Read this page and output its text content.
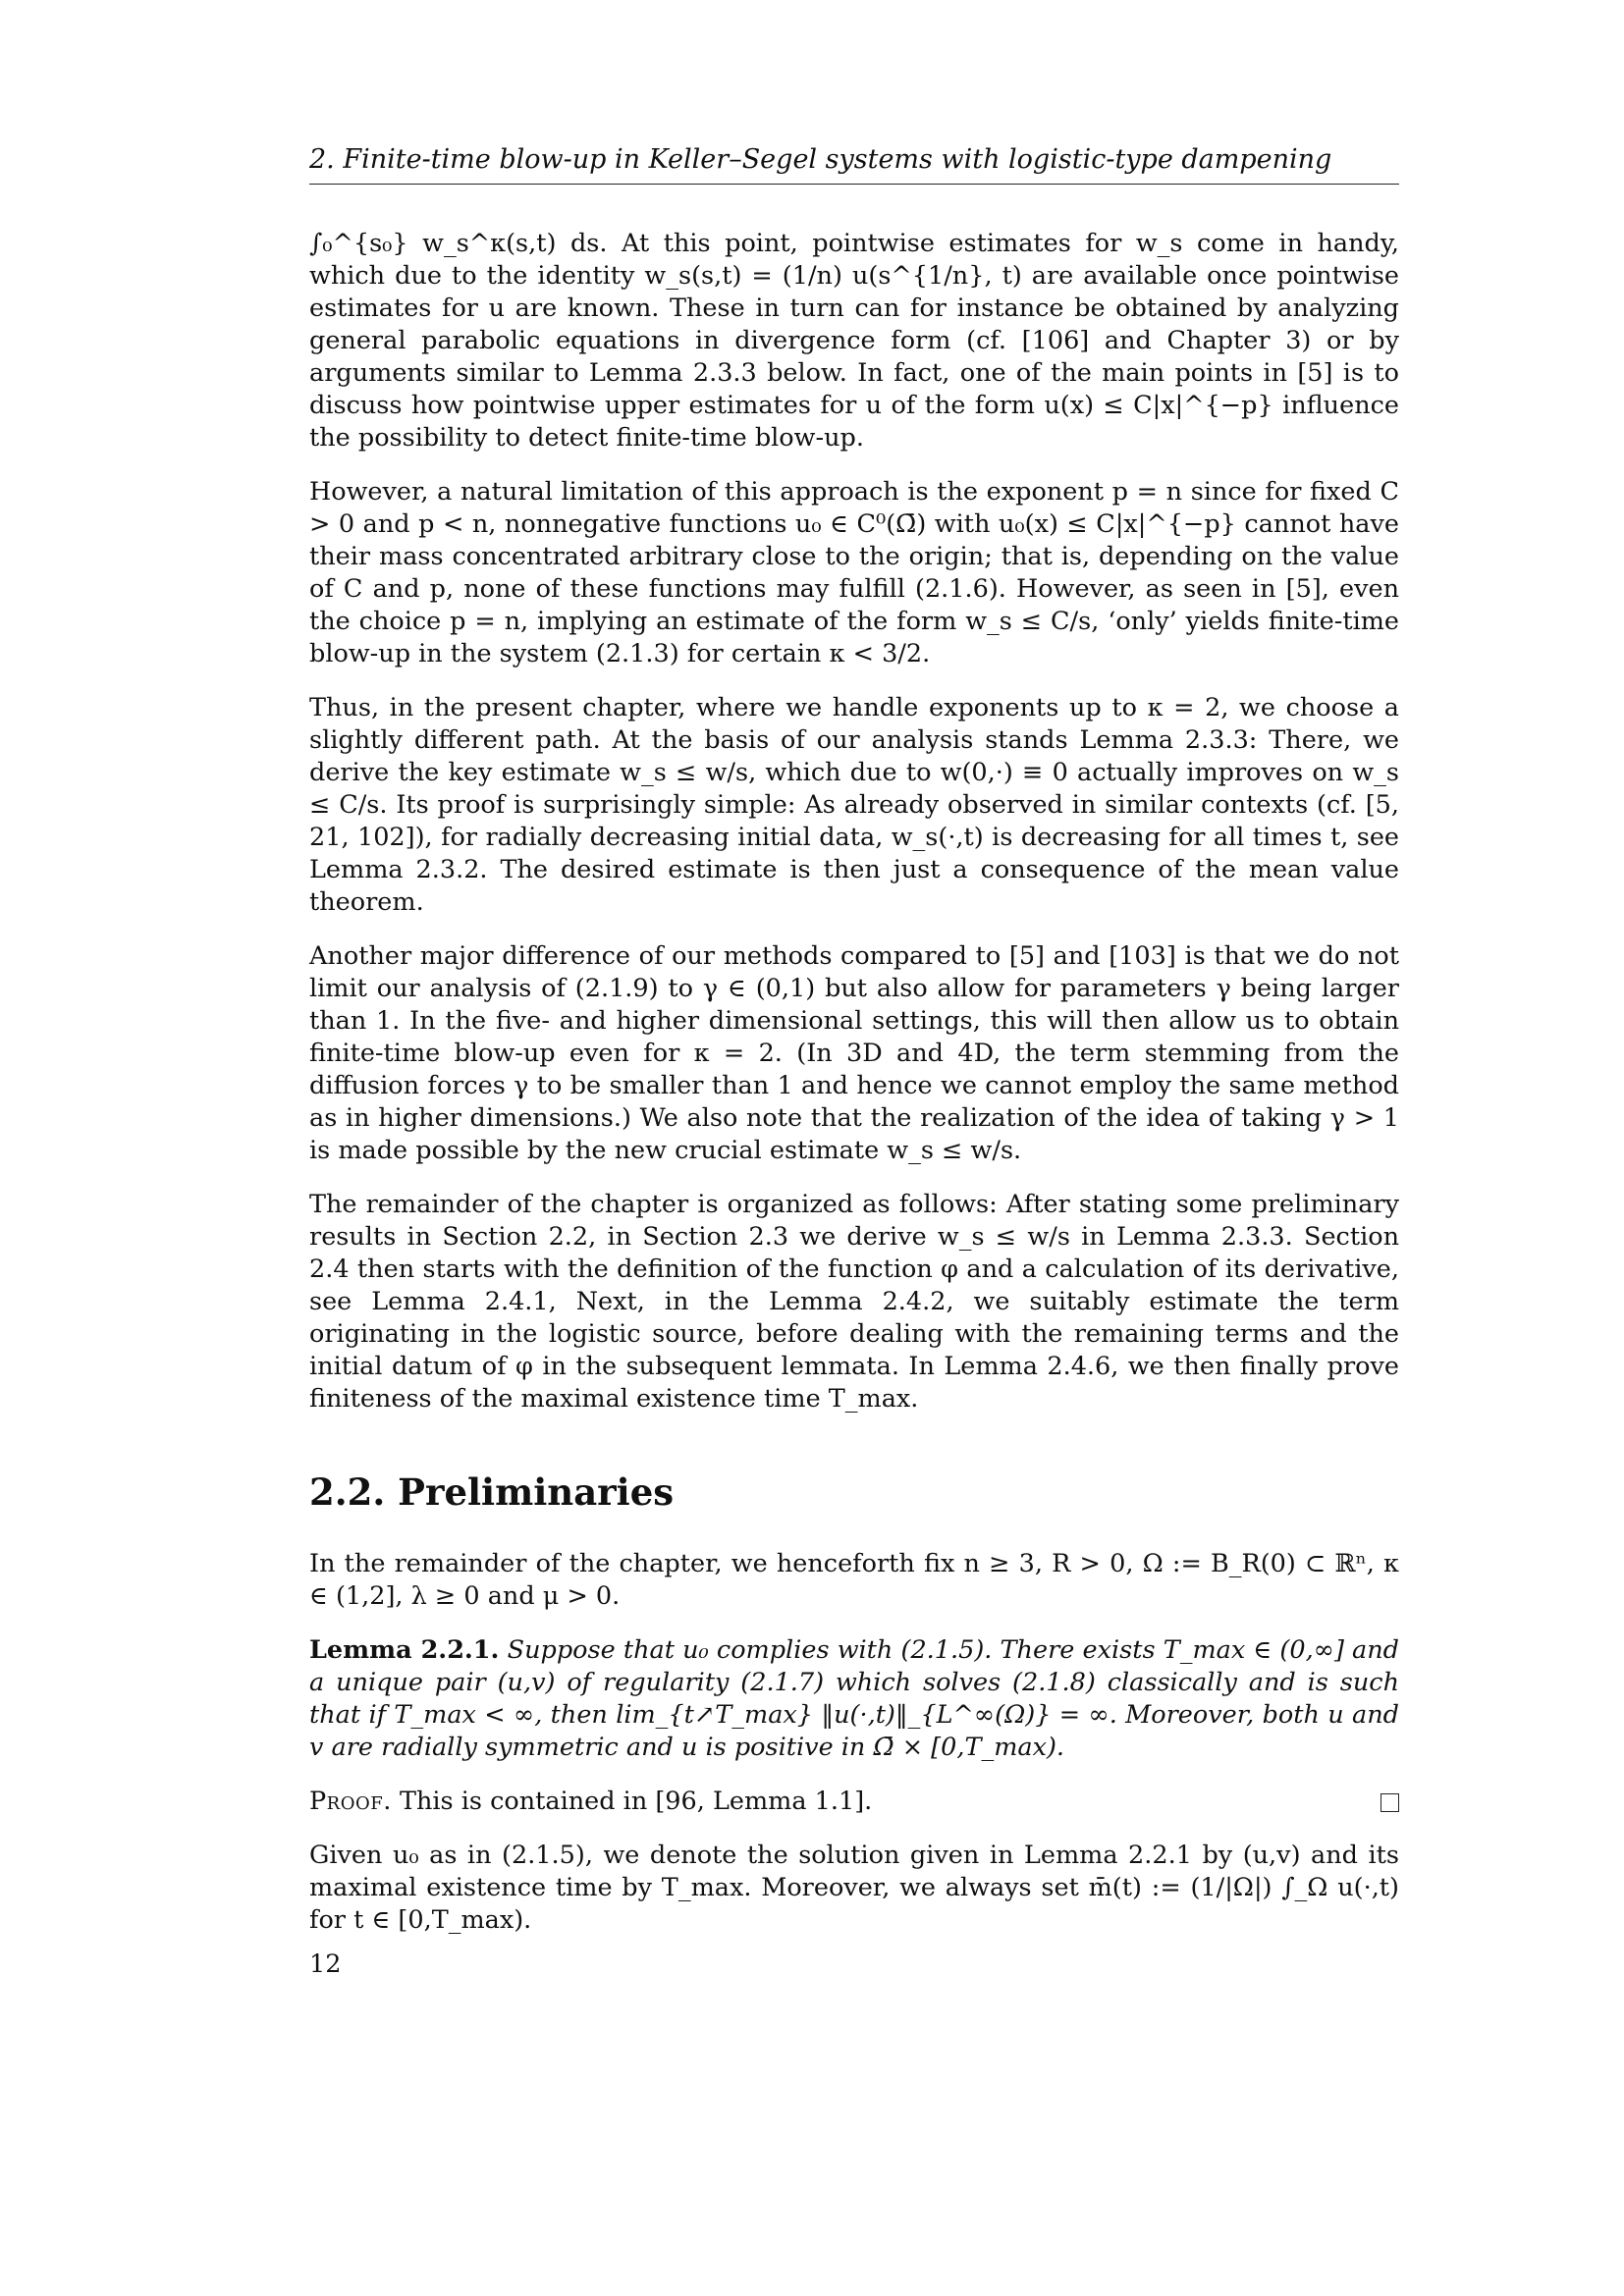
2. Finite-time blow-up in Keller–Segel systems with logistic-type dampening

∫₀^{s₀} w_s^κ(s,t) ds. At this point, pointwise estimates for w_s come in handy, which due to the identity w_s(s,t) = (1/n) u(s^{1/n}, t) are available once pointwise estimates for u are known. These in turn can for instance be obtained by analyzing general parabolic equations in divergence form (cf. [106] and Chapter 3) or by arguments similar to Lemma 2.3.3 below. In fact, one of the main points in [5] is to discuss how pointwise upper estimates for u of the form u(x) ≤ C|x|^{−p} influence the possibility to detect finite-time blow-up.

However, a natural limitation of this approach is the exponent p = n since for fixed C > 0 and p < n, nonnegative functions u₀ ∈ C⁰(Ω̄) with u₀(x) ≤ C|x|^{−p} cannot have their mass concentrated arbitrary close to the origin; that is, depending on the value of C and p, none of these functions may fulfill (2.1.6). However, as seen in [5], even the choice p = n, implying an estimate of the form w_s ≤ C/s, ‘only’ yields finite-time blow-up in the system (2.1.3) for certain κ < 3/2.

Thus, in the present chapter, where we handle exponents up to κ = 2, we choose a slightly different path. At the basis of our analysis stands Lemma 2.3.3: There, we derive the key estimate w_s ≤ w/s, which due to w(0,·) ≡ 0 actually improves on w_s ≤ C/s. Its proof is surprisingly simple: As already observed in similar contexts (cf. [5, 21, 102]), for radially decreasing initial data, w_s(·,t) is decreasing for all times t, see Lemma 2.3.2. The desired estimate is then just a consequence of the mean value theorem.

Another major difference of our methods compared to [5] and [103] is that we do not limit our analysis of (2.1.9) to γ ∈ (0,1) but also allow for parameters γ being larger than 1. In the five- and higher dimensional settings, this will then allow us to obtain finite-time blow-up even for κ = 2. (In 3D and 4D, the term stemming from the diffusion forces γ to be smaller than 1 and hence we cannot employ the same method as in higher dimensions.) We also note that the realization of the idea of taking γ > 1 is made possible by the new crucial estimate w_s ≤ w/s.

The remainder of the chapter is organized as follows: After stating some preliminary results in Section 2.2, in Section 2.3 we derive w_s ≤ w/s in Lemma 2.3.3. Section 2.4 then starts with the definition of the function φ and a calculation of its derivative, see Lemma 2.4.1, Next, in the Lemma 2.4.2, we suitably estimate the term originating in the logistic source, before dealing with the remaining terms and the initial datum of φ in the subsequent lemmata. In Lemma 2.4.6, we then finally prove finiteness of the maximal existence time T_max.

2.2. Preliminaries

In the remainder of the chapter, we henceforth fix n ≥ 3, R > 0, Ω := B_R(0) ⊂ ℝⁿ, κ ∈ (1,2], λ ≥ 0 and μ > 0.

Lemma 2.2.1. Suppose that u₀ complies with (2.1.5). There exists T_max ∈ (0,∞] and a unique pair (u,v) of regularity (2.1.7) which solves (2.1.8) classically and is such that if T_max < ∞, then lim_{t↗T_max} ‖u(·,t)‖_{L^∞(Ω)} = ∞. Moreover, both u and v are radially symmetric and u is positive in Ω̄ × [0,T_max).

Proof. This is contained in [96, Lemma 1.1].

Given u₀ as in (2.1.5), we denote the solution given in Lemma 2.2.1 by (u,v) and its maximal existence time by T_max. Moreover, we always set m̄(t) := (1/|Ω|) ∫_Ω u(·,t) for t ∈ [0,T_max).

12
